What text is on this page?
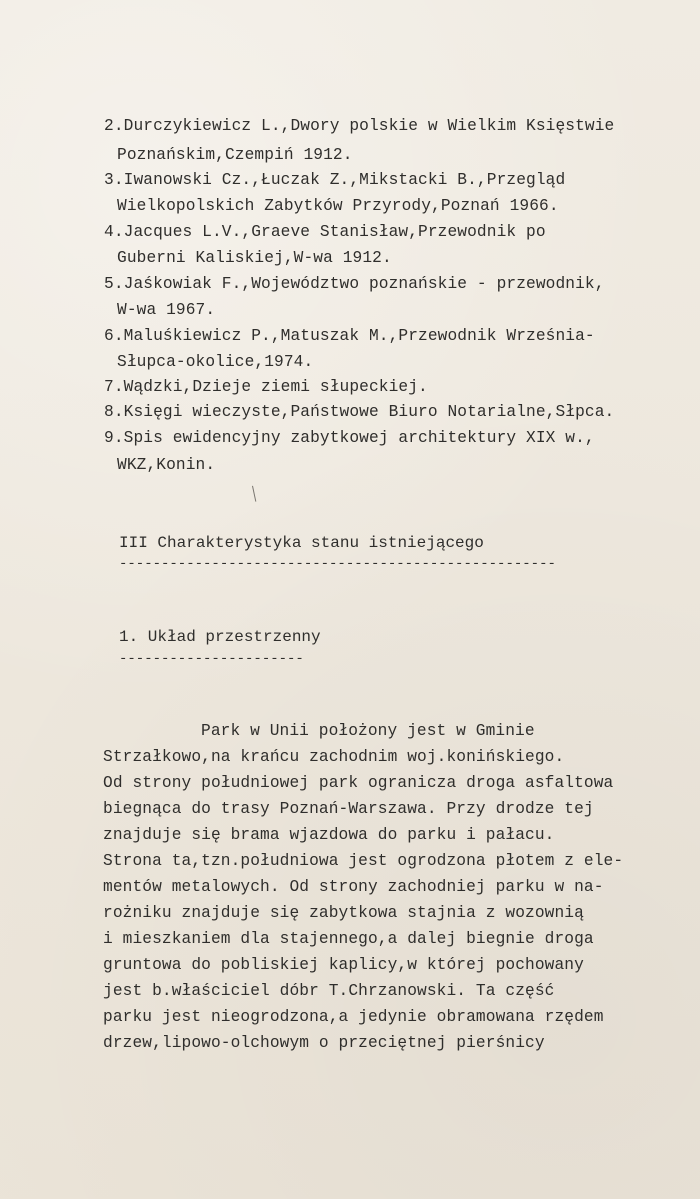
2.Durczykiewicz L.,Dwory polskie w Wielkim Księstwie
Poznańskim,Czempiń 1912.
3.Iwanowski Cz.,Łuczak Z.,Mikstacki B.,Przegląd
Wielkopolskich Zabytków Przyrody,Poznań 1966.
4.Jacques L.V.,Graeve Stanisław,Przewodnik po
Guberni Kaliskiej,W-wa 1912.
5.Jaśkowiak F.,Województwo poznańskie - przewodnik,
W-wa 1967.
6.Maluśkiewicz P.,Matuszak M.,Przewodnik Września-
Słupca-okolice,1974.
7.Wądzki,Dzieje ziemi słupeckiej.
8.Księgi wieczyste,Państwowe Biuro Notarialne,Słpca.
9.Spis ewidencyjny zabytkowej architektury XIX w.,
WKZ,Konin.
III Charakterystyka stanu istniejącego
----------------------------------------------------
1. Układ przestrzenny
----------------------
Park w Unii położony jest w Gminie
Strzałkowo,na krańcu zachodnim woj.konińskiego.
Od strony południowej park ogranicza droga asfaltowa
biegnąca do trasy Poznań-Warszawa. Przy drodze tej
znajduje się brama wjazdowa do parku i pałacu.
Strona ta,tzn.południowa jest ogrodzona płotem z ele-
mentów metalowych. Od strony zachodniej parku w na-
rożniku znajduje się zabytkowa stajnia z wozownią
i mieszkaniem dla stajennego,a dalej biegnie droga
gruntowa do pobliskiej kaplicy,w której pochowany
jest b.właściciel dóbr T.Chrzanowski. Ta część
parku jest nieogrodzona,a jedynie obramowana rzędem
drzew,lipowo-olchowym o przeciętnej pierśnicy
